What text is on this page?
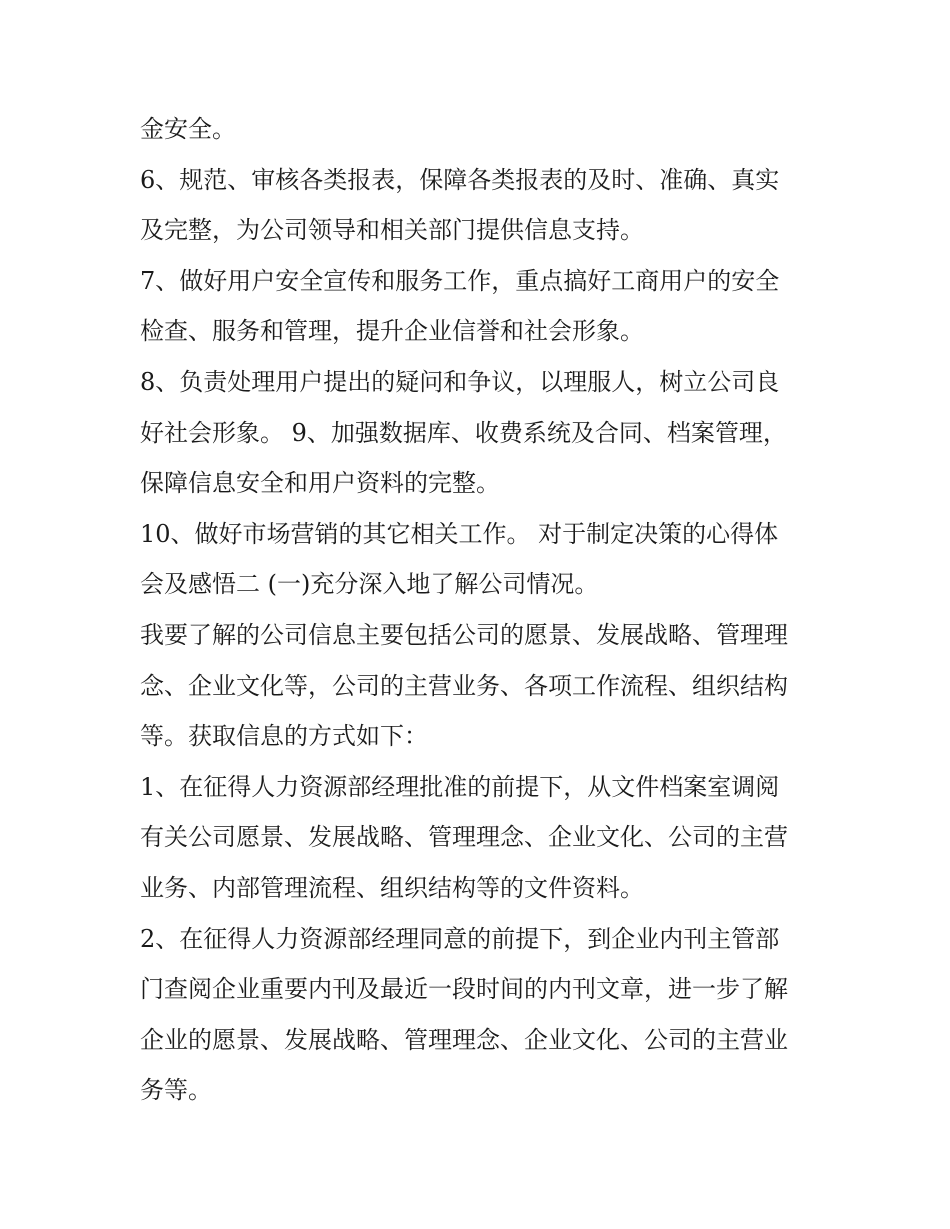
金安全。
6、规范、审核各类报表，保障各类报表的及时、准确、真实
及完整，为公司领导和相关部门提供信息支持。
7、做好用户安全宣传和服务工作，重点搞好工商用户的安全
检查、服务和管理，提升企业信誉和社会形象。
8、负责处理用户提出的疑问和争议，以理服人，树立公司良
好社会形象。 9、加强数据库、收费系统及合同、档案管理，
保障信息安全和用户资料的完整。
10、做好市场营销的其它相关工作。 对于制定决策的心得体
会及感悟二 (一)充分深入地了解公司情况。
我要了解的公司信息主要包括公司的愿景、发展战略、管理理
念、企业文化等，公司的主营业务、各项工作流程、组织结构
等。获取信息的方式如下：
1、在征得人力资源部经理批准的前提下，从文件档案室调阅
有关公司愿景、发展战略、管理理念、企业文化、公司的主营
业务、内部管理流程、组织结构等的文件资料。
2、在征得人力资源部经理同意的前提下，到企业内刊主管部
门查阅企业重要内刊及最近一段时间的内刊文章，进一步了解
企业的愿景、发展战略、管理理念、企业文化、公司的主营业
务等。
